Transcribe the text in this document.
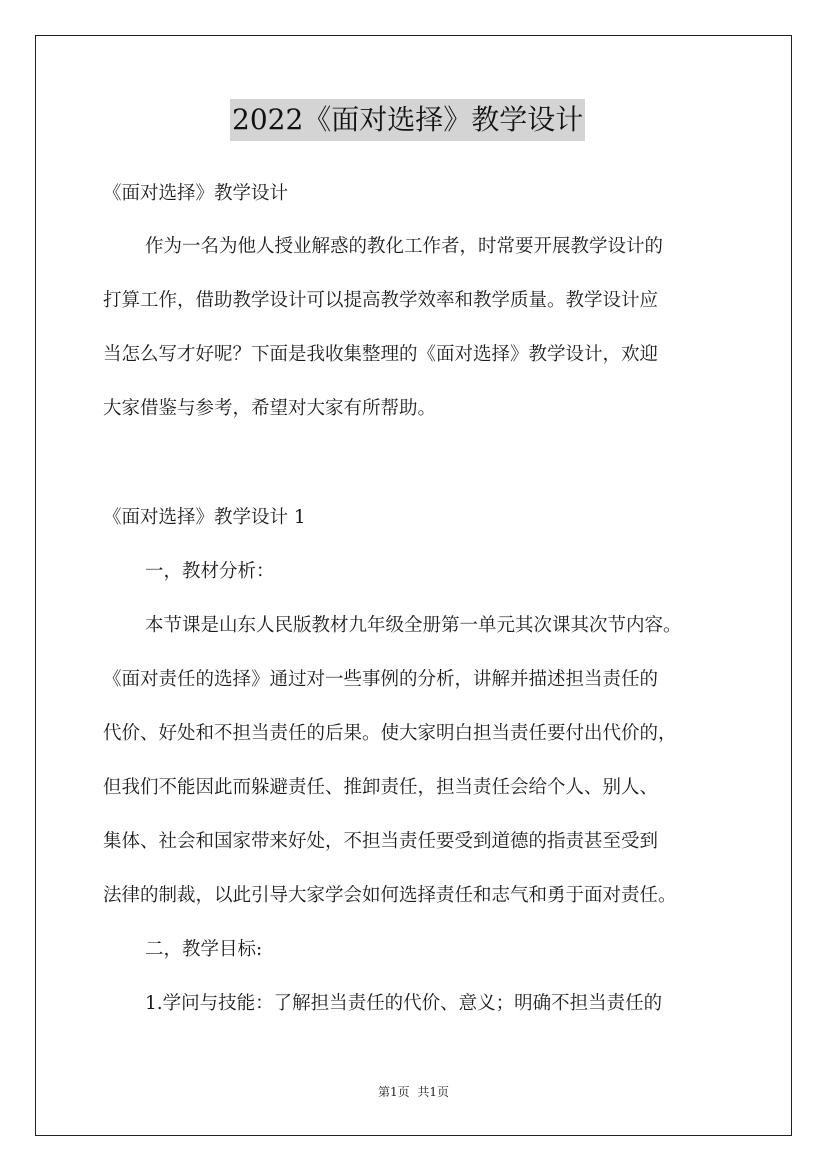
2022《面对选择》教学设计
《面对选择》教学设计
作为一名为他人授业解惑的教化工作者，时常要开展教学设计的
打算工作，借助教学设计可以提高教学效率和教学质量。教学设计应
当怎么写才好呢？下面是我收集整理的《面对选择》教学设计，欢迎
大家借鉴与参考，希望对大家有所帮助。
《面对选择》教学设计 1
一，教材分析：
本节课是山东人民版教材九年级全册第一单元其次课其次节内容。
《面对责任的选择》通过对一些事例的分析，讲解并描述担当责任的
代价、好处和不担当责任的后果。使大家明白担当责任要付出代价的，
但我们不能因此而躲避责任、推卸责任，担当责任会给个人、别人、
集体、社会和国家带来好处，不担当责任要受到道德的指责甚至受到
法律的制裁，以此引导大家学会如何选择责任和志气和勇于面对责任。
二，教学目标:
1.学问与技能：了解担当责任的代价、意义；明确不担当责任的
第1页 共1页
